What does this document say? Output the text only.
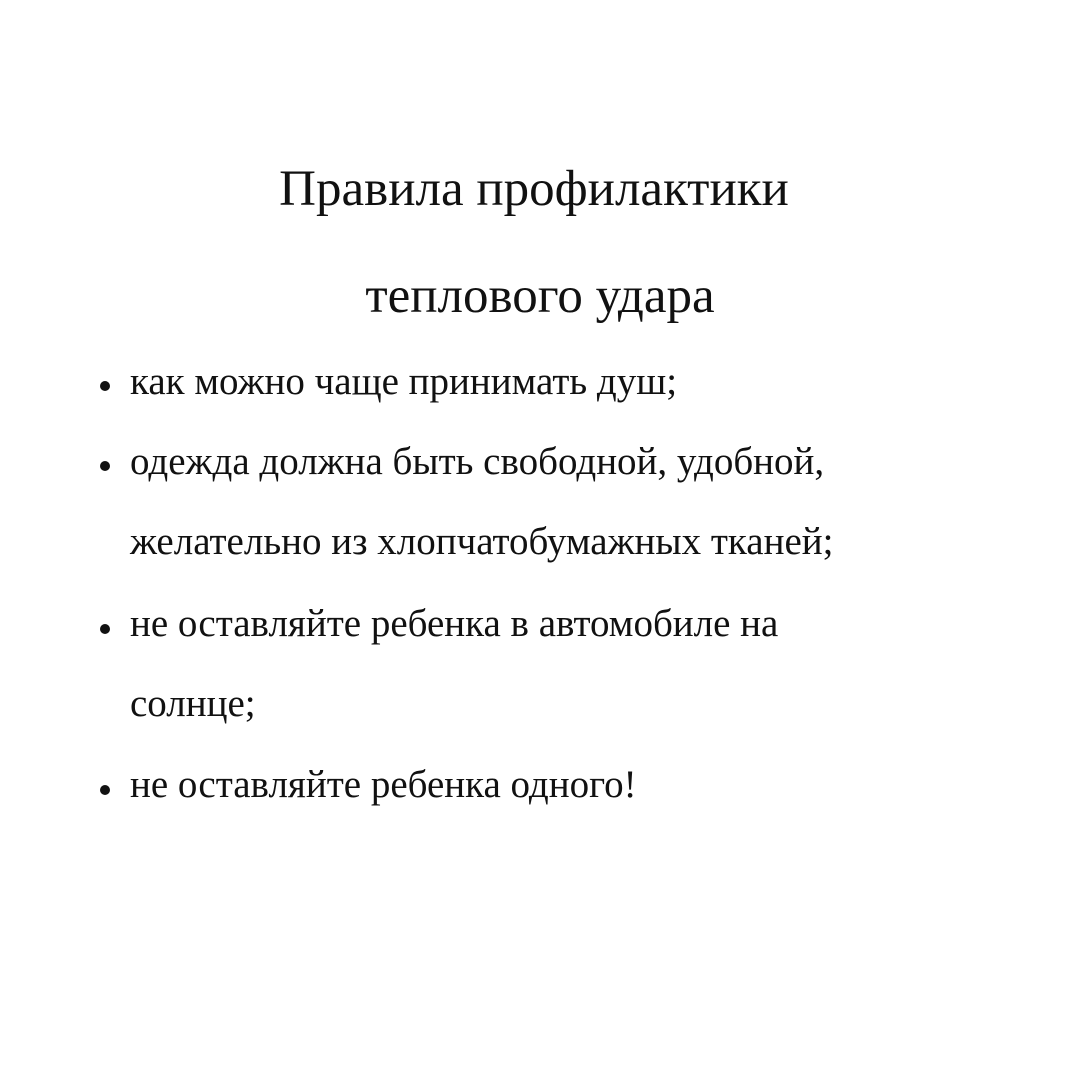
Правила профилактики
теплового удара
как можно чаще принимать душ;
одежда должна быть свободной, удобной,
желательно из хлопчатобумажных тканей;
не оставляйте ребенка в автомобиле на
солнце;
не оставляйте ребенка одного!
